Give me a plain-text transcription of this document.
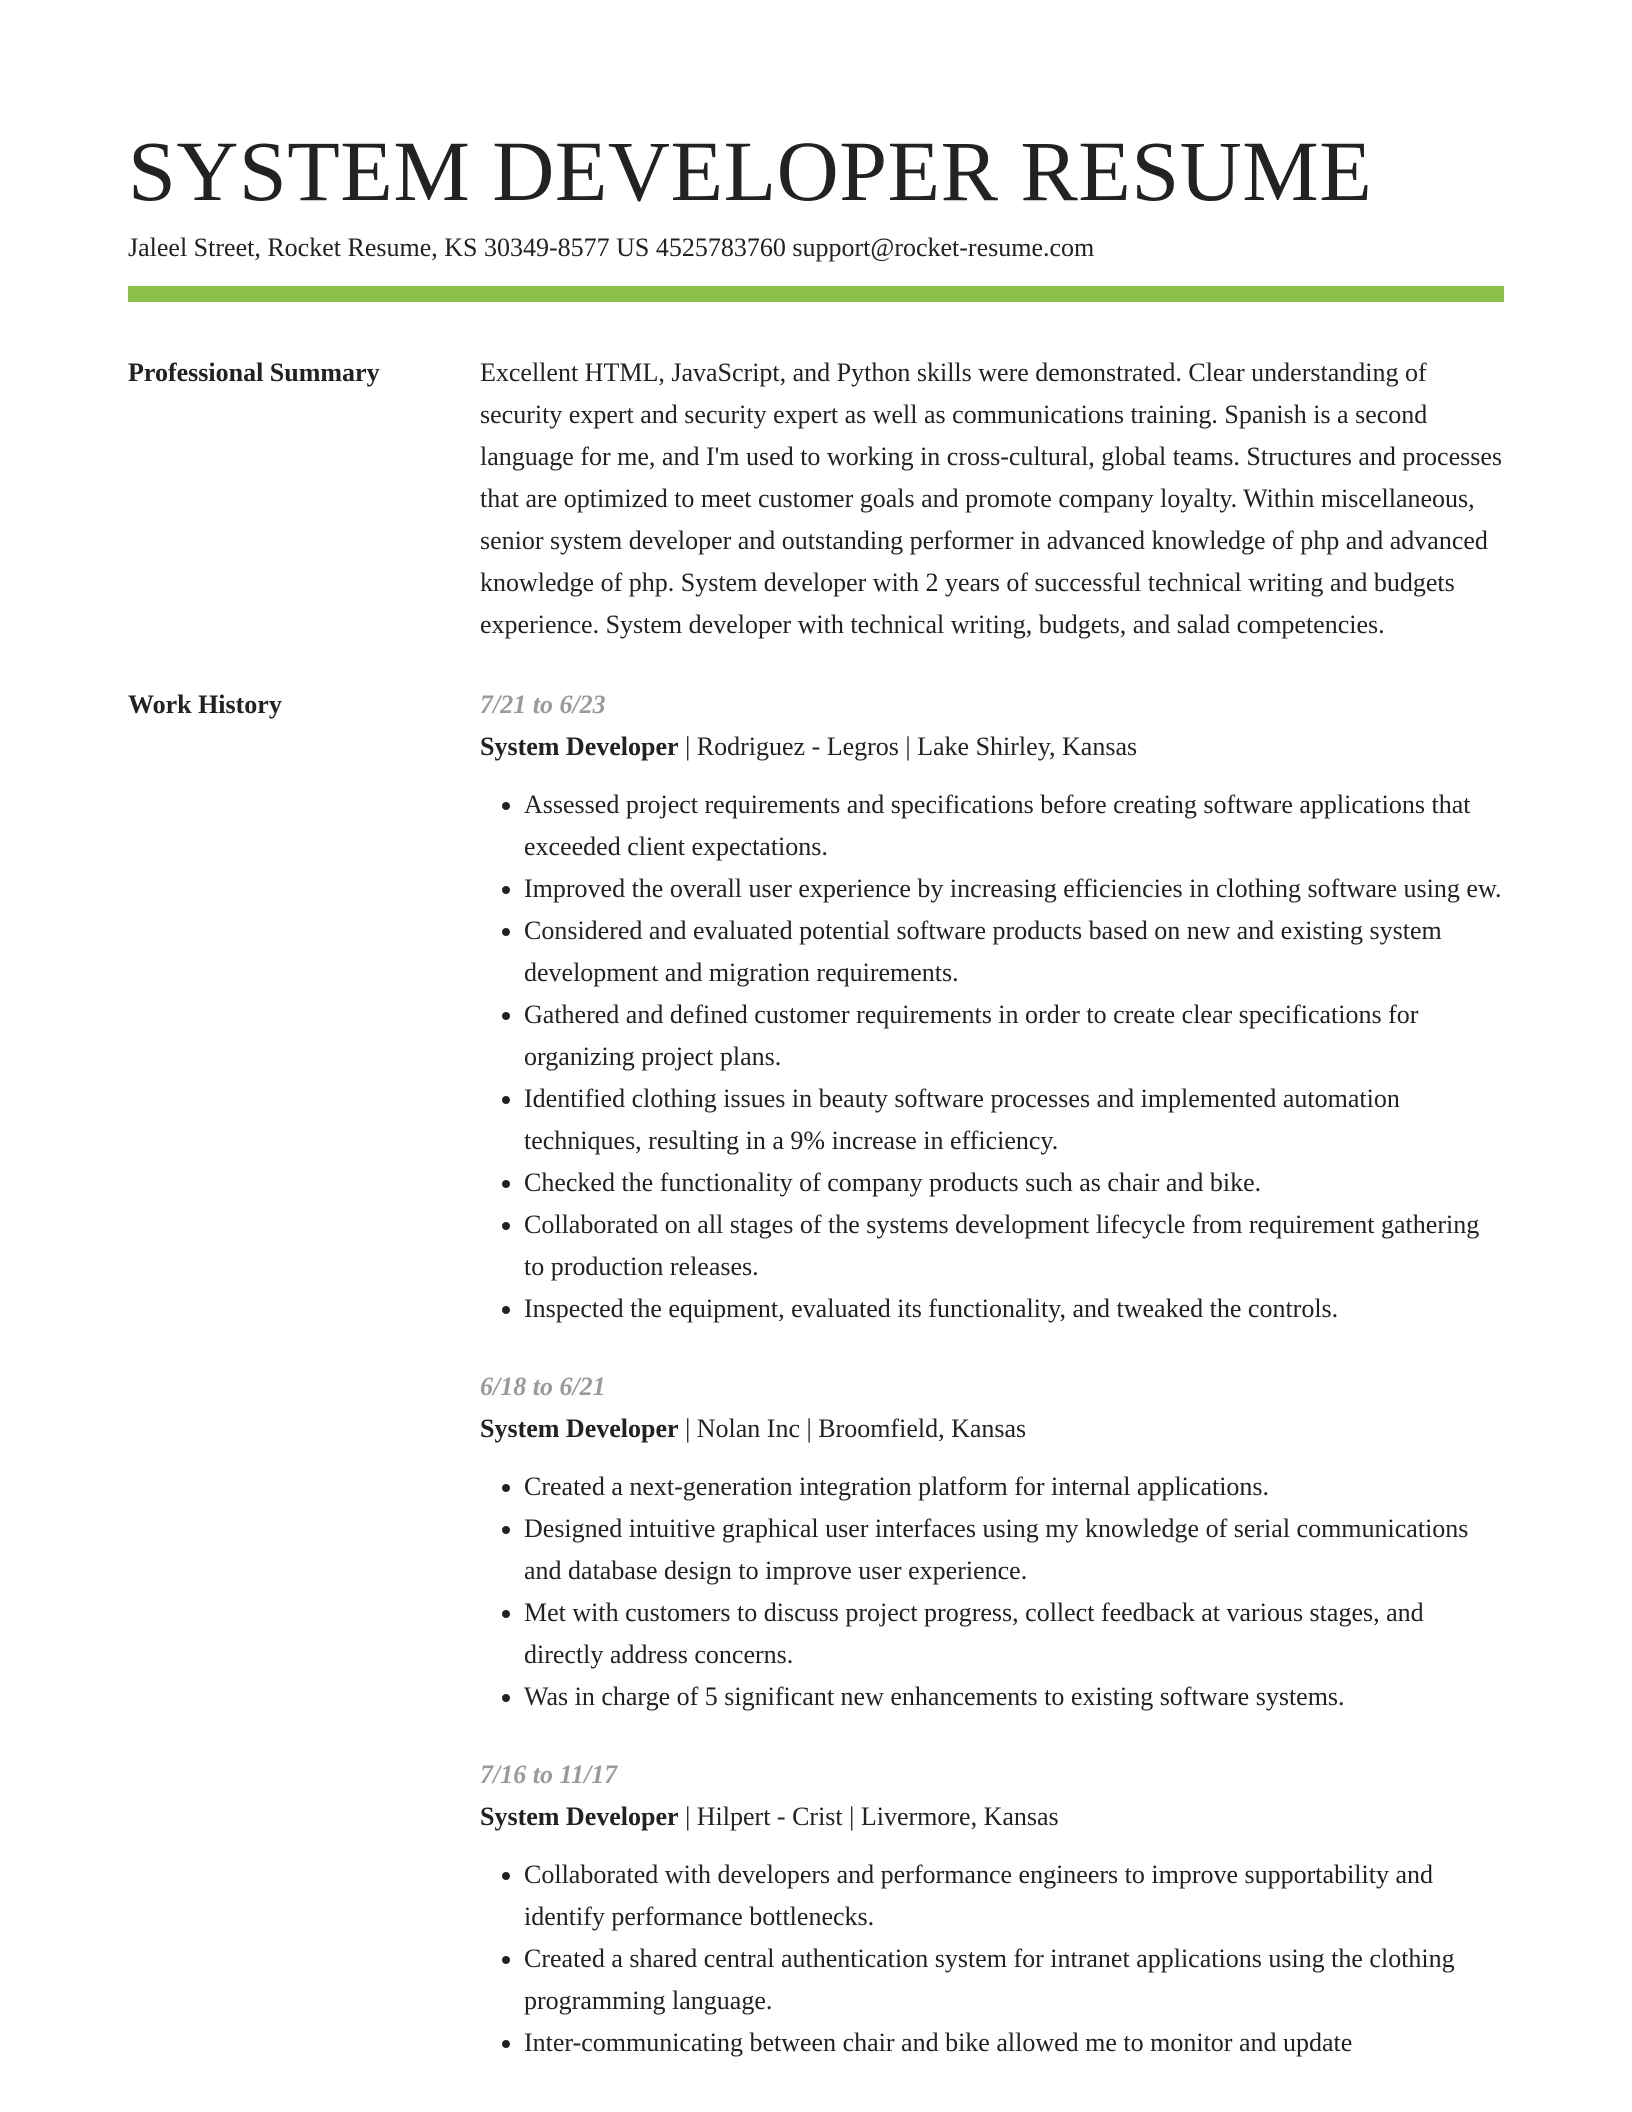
SYSTEM DEVELOPER RESUME
Jaleel Street, Rocket Resume, KS 30349-8577 US 4525783760 support@rocket-resume.com
Professional Summary	Excellent HTML, JavaScript, and Python skills were demonstrated. Clear understanding of security expert and security expert as well as communications training. Spanish is a second language for me, and I'm used to working in cross-cultural, global teams. Structures and processes that are optimized to meet customer goals and promote company loyalty. Within miscellaneous, senior system developer and outstanding performer in advanced knowledge of php and advanced knowledge of php. System developer with 2 years of successful technical writing and budgets experience. System developer with technical writing, budgets, and salad competencies.

Work History	7/21 to 6/23
System Developer | Rodriguez - Legros | Lake Shirley, Kansas
• Assessed project requirements and specifications before creating software applications that exceeded client expectations.
• Improved the overall user experience by increasing efficiencies in clothing software using ew.
• Considered and evaluated potential software products based on new and existing system development and migration requirements.
• Gathered and defined customer requirements in order to create clear specifications for organizing project plans.
• Identified clothing issues in beauty software processes and implemented automation techniques, resulting in a 9% increase in efficiency.
• Checked the functionality of company products such as chair and bike.
• Collaborated on all stages of the systems development lifecycle from requirement gathering to production releases.
• Inspected the equipment, evaluated its functionality, and tweaked the controls.
6/18 to 6/21
System Developer | Nolan Inc | Broomfield, Kansas
• Created a next-generation integration platform for internal applications.
• Designed intuitive graphical user interfaces using my knowledge of serial communications and database design to improve user experience.
• Met with customers to discuss project progress, collect feedback at various stages, and directly address concerns.
• Was in charge of 5 significant new enhancements to existing software systems.
7/16 to 11/17
System Developer | Hilpert - Crist | Livermore, Kansas
• Collaborated with developers and performance engineers to improve supportability and identify performance bottlenecks.
• Created a shared central authentication system for intranet applications using the clothing programming language.
• Inter-communicating between chair and bike allowed me to monitor and update
